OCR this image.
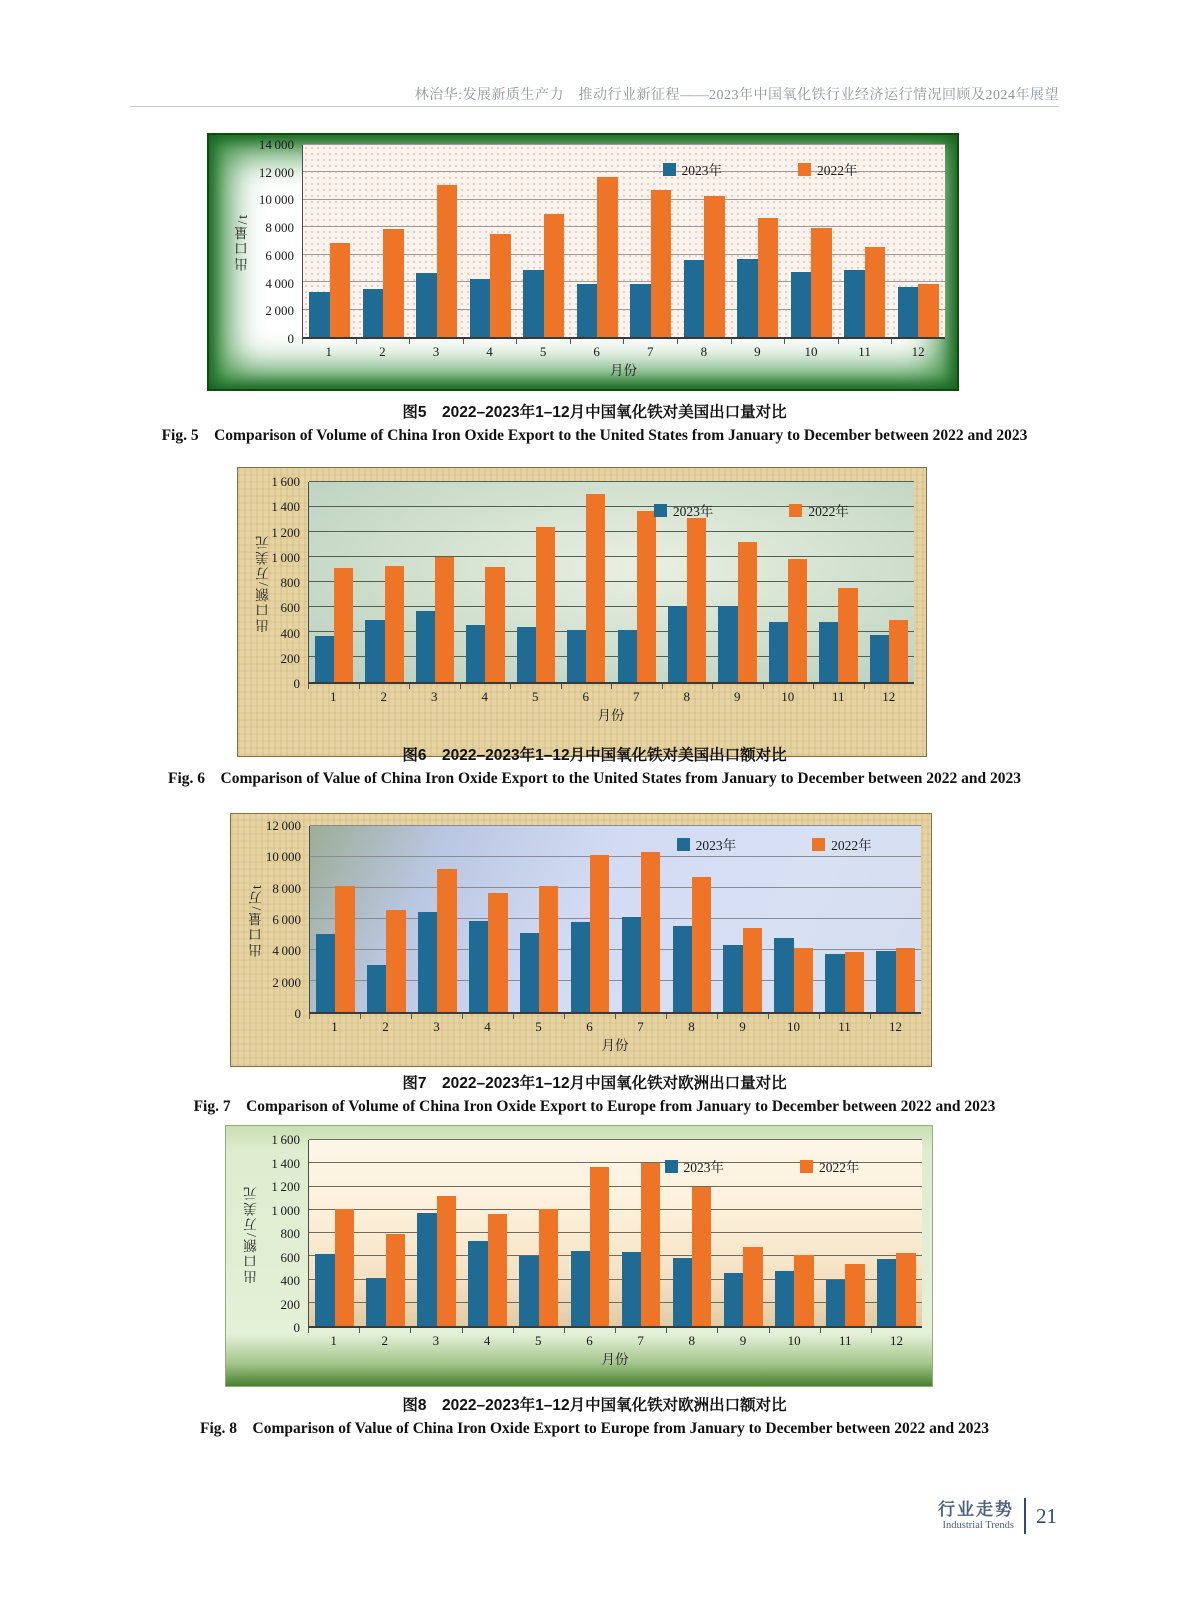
林治华:发展新质生产力　推动行业新征程——2023年中国氧化铁行业经济运行情况回顾及2024年展望
出口量/t
2023年	2022年
0
2 000
4 000
6 000
8 000
10 000
12 000
14 000
1	2	3	4	5	6	7	8	9	10	11	12
月份
图5　2022–2023年1–12月中国氧化铁对美国出口量对比
Fig. 5　Comparison of Volume of China Iron Oxide Export to the United States from January to December between 2022 and 2023
出口额/万美元
2023年	2022年
0
200
400
600
800
1 000
1 200
1 400
1 600
1	2	3	4	5	6	7	8	9	10	11	12
月份
图6　2022–2023年1–12月中国氧化铁对美国出口额对比
Fig. 6　Comparison of Value of China Iron Oxide Export to the United States from January to December between 2022 and 2023
出口量/万t
2023年	2022年
0
2 000
4 000
6 000
8 000
10 000
12 000
1	2	3	4	5	6	7	8	9	10	11	12
月份
图7　2022–2023年1–12月中国氧化铁对欧洲出口量对比
Fig. 7　Comparison of Volume of China Iron Oxide Export to Europe from January to December between 2022 and 2023
出口额/万美元
2023年	2022年
0
200
400
600
800
1 000
1 200
1 400
1 600
1	2	3	4	5	6	7	8	9	10	11	12
月份
图8　2022–2023年1–12月中国氧化铁对欧洲出口额对比
Fig. 8　Comparison of Value of China Iron Oxide Export to Europe from January to December between 2022 and 2023
行业走势
Industrial Trends 21
